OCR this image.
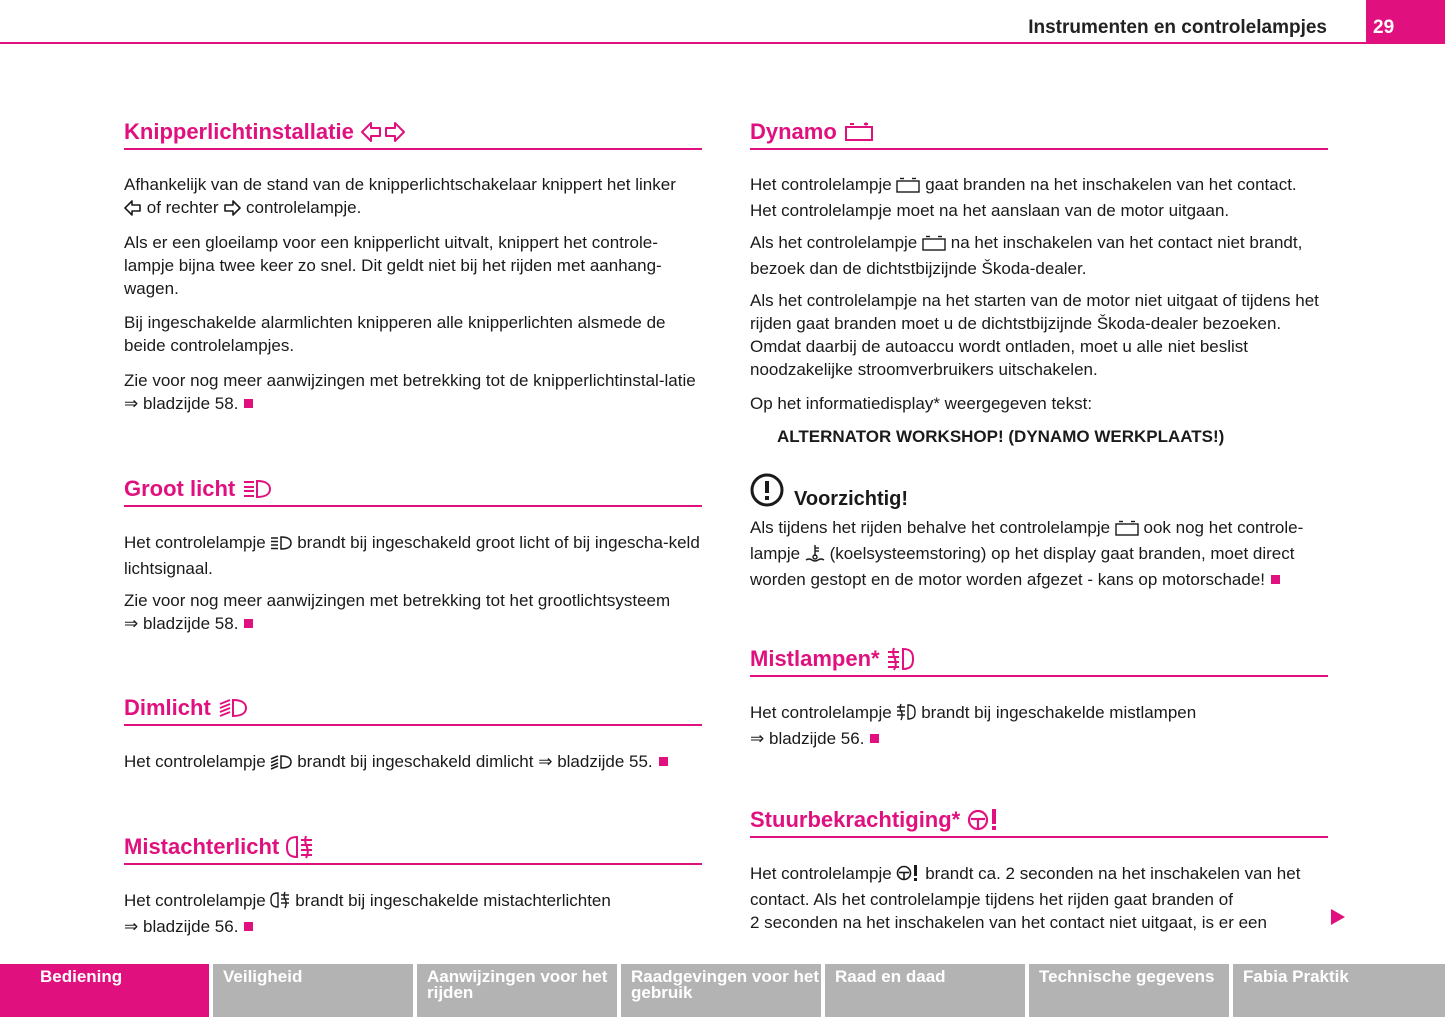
Instrumenten en controlelampjes	29
Knipperlichtinstallatie

Afhankelijk van de stand van de knipperlichtschakelaar knippert het linker
of rechter controlelampje.

Als er een gloeilamp voor een knipperlicht uitvalt, knippert het controle-lampje bijna twee keer zo snel. Dit geldt niet bij het rijden met aanhang-wagen.

Bij ingeschakelde alarmlichten knipperen alle knipperlichten alsmede de beide controlelampjes.

Zie voor nog meer aanwijzingen met betrekking tot de knipperlichtinstal-latie ⇒ bladzijde 58.

Groot licht

Het controlelampje brandt bij ingeschakeld groot licht of bij ingescha-keld lichtsignaal.

Zie voor nog meer aanwijzingen met betrekking tot het grootlichtsysteem
⇒ bladzijde 58.

Dimlicht

Het controlelampje brandt bij ingeschakeld dimlicht ⇒ bladzijde 55.

Mistachterlicht

Het controlelampje brandt bij ingeschakelde mistachterlichten
⇒ bladzijde 56.

Dynamo

Het controlelampje gaat branden na het inschakelen van het contact.
Het controlelampje moet na het aanslaan van de motor uitgaan.

Als het controlelampje na het inschakelen van het contact niet brandt,
bezoek dan de dichtstbijzijnde Škoda-dealer.

Als het controlelampje na het starten van de motor niet uitgaat of tijdens het rijden gaat branden moet u de dichtstbijzijnde Škoda-dealer bezoeken. Omdat daarbij de autoaccu wordt ontladen, moet u alle niet beslist noodzakelijke stroomverbruikers uitschakelen.

Op het informatiedisplay* weergegeven tekst:

ALTERNATOR WORKSHOP! (DYNAMO WERKPLAATS!)
Voorzichtig!

Als tijdens het rijden behalve het controlelampje ook nog het controle-
lampje (koelsysteemstoring) op het display gaat branden, moet direct
worden gestopt en de motor worden afgezet - kans op motorschade!

Mistlampen*

Het controlelampje brandt bij ingeschakelde mistlampen
⇒ bladzijde 56.

Stuurbekrachtiging*

Het controlelampje brandt ca. 2 seconden na het inschakelen van het
contact. Als het controlelampje tijdens het rijden gaat branden of
2 seconden na het inschakelen van het contact niet uitgaat, is er een

Bediening	Veiligheid	Aanwijzingen voor het rijden
Raadgevingen voor het gebruik
Raad en daad	Technische gegevens	Fabia Praktik
